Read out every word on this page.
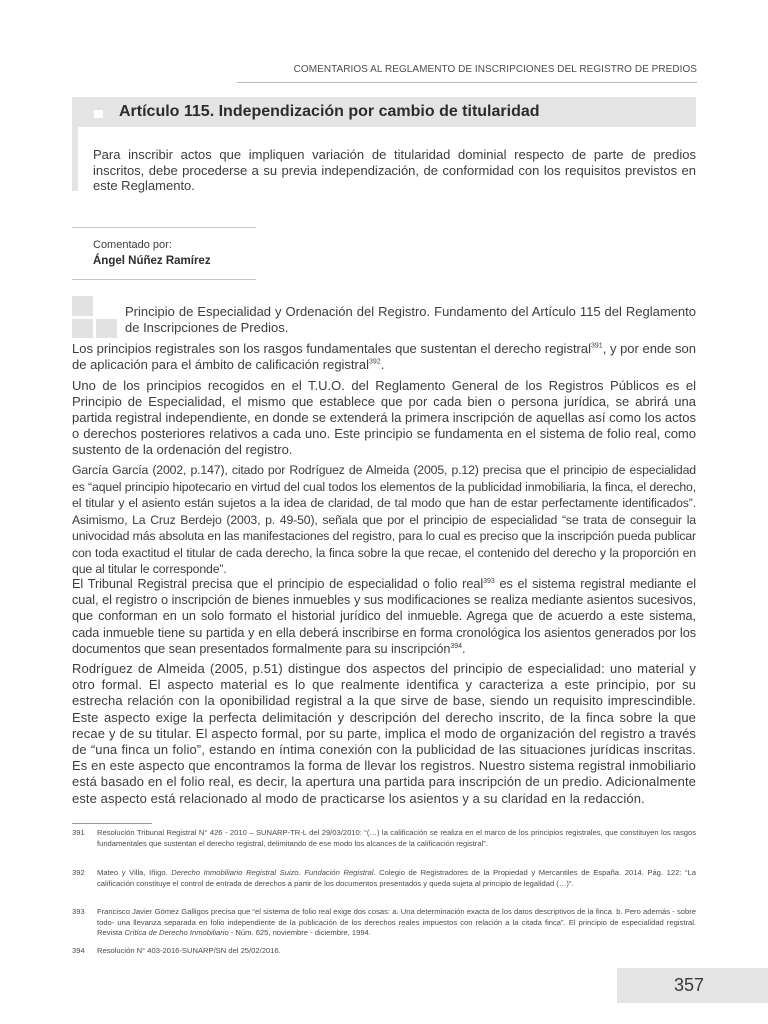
COMENTARIOS AL REGLAMENTO DE INSCRIPCIONES DEL REGISTRO DE PREDIOS
Artículo 115. Independización por cambio de titularidad
Para inscribir actos que impliquen variación de titularidad dominial respecto de parte de predios inscritos, debe procederse a su previa independización, de conformidad con los requisitos previstos en este Reglamento.
Comentado por:
Ángel Núñez Ramírez
Principio de Especialidad y Ordenación del Registro. Fundamento del Artículo 115 del Reglamento de Inscripciones de Predios.

Los principios registrales son los rasgos fundamentales que sustentan el derecho registral$^{391}$, y por ende son de aplicación para el ámbito de calificación registral$^{392}$.

Uno de los principios recogidos en el T.U.O. del Reglamento General de los Registros Públicos es el Principio de Especialidad, el mismo que establece que por cada bien o persona jurídica, se abrirá una partida registral independiente, en donde se extenderá la primera inscripción de aquellas así como los actos o derechos posteriores relativos a cada uno. Este principio se fundamenta en el sistema de folio real, como sustento de la ordenación del registro.
García García (2002, p.147), citado por Rodríguez de Almeida (2005, p.12) precisa que el principio de especialidad es “aquel principio hipotecario en virtud del cual todos los elementos de la publicidad inmobiliaria, la finca, el derecho, el titular y el asiento están sujetos a la idea de claridad, de tal modo que han de estar perfectamente identificados”. Asimismo, La Cruz Berdejo (2003, p. 49-50), señala que por el principio de especialidad “se trata de conseguir la univocidad más absoluta en las manifestaciones del registro, para lo cual es preciso que la inscripción pueda publicar con toda exactitud el titular de cada derecho, la finca sobre la que recae, el contenido del derecho y la proporción en que al titular le corresponde”.

El Tribunal Registral precisa que el principio de especialidad o folio real$^{393}$ es el sistema registral mediante el cual, el registro o inscripción de bienes inmuebles y sus modificaciones se realiza mediante asientos sucesivos, que conforman en un solo formato el historial jurídico del inmueble. Agrega que de acuerdo a este sistema, cada inmueble tiene su partida y en ella deberá inscribirse en forma cronológica los asientos generados por los documentos que sean presentados formalmente para su inscripción$^{394}$.

Rodríguez de Almeida (2005, p.51) distingue dos aspectos del principio de especialidad: uno material y otro formal. El aspecto material es lo que realmente identifica y caracteriza a este principio, por su estrecha relación con la oponibilidad registral a la que sirve de base, siendo un requisito imprescindible. Este aspecto exige la perfecta delimitación y descripción del derecho inscrito, de la finca sobre la que recae y de su titular. El aspecto formal, por su parte, implica el modo de organización del registro a través de “una finca un folio”, estando en íntima conexión con la publicidad de las situaciones jurídicas inscritas. Es en este aspecto que encontramos la forma de llevar los registros. Nuestro sistema registral inmobiliario está basado en el folio real, es decir, la apertura una partida para inscripción de un predio. Adicionalmente este aspecto está relacionado al modo de practicarse los asientos y a su claridad en la redacción.
391 Resolución Tribunal Registral N° 426 - 2010 – SUNARP-TR-L del 29/03/2010: “(…) la calificación se realiza en el marco de los principios registrales, que constituyen los rasgos fundamentales que sustentan el derecho registral, delimitando de ese modo los alcances de la calificación registral”.
392 Mateo y Villa, Iñigo. Derecho Inmobiliario Registral Suizo. Fundación Registral. Colegio de Registradores de la Propiedad y Mercantiles de España. 2014. Pág. 122: “La calificación constituye el control de entrada de derechos a partir de los documentos presentados y queda sujeta al principio de legalidad (…)”.
393 Francisco Javier Gómez Galligos precisa que “el sistema de folio real exige dos cosas: a. Una determinación exacta de los datos descriptivos de la finca. b. Pero además - sobre todo- una llevanza separada en folio independiente de la publicación de los derechos reales impuestos con relación a la citada finca”. El principio de especialidad registral. Revista Crítica de Derecho Inmobiliario - Núm. 625, noviembre - diciembre, 1994.
394 Resolución N° 403-2016-SUNARP/SN del 25/02/2016.
357
